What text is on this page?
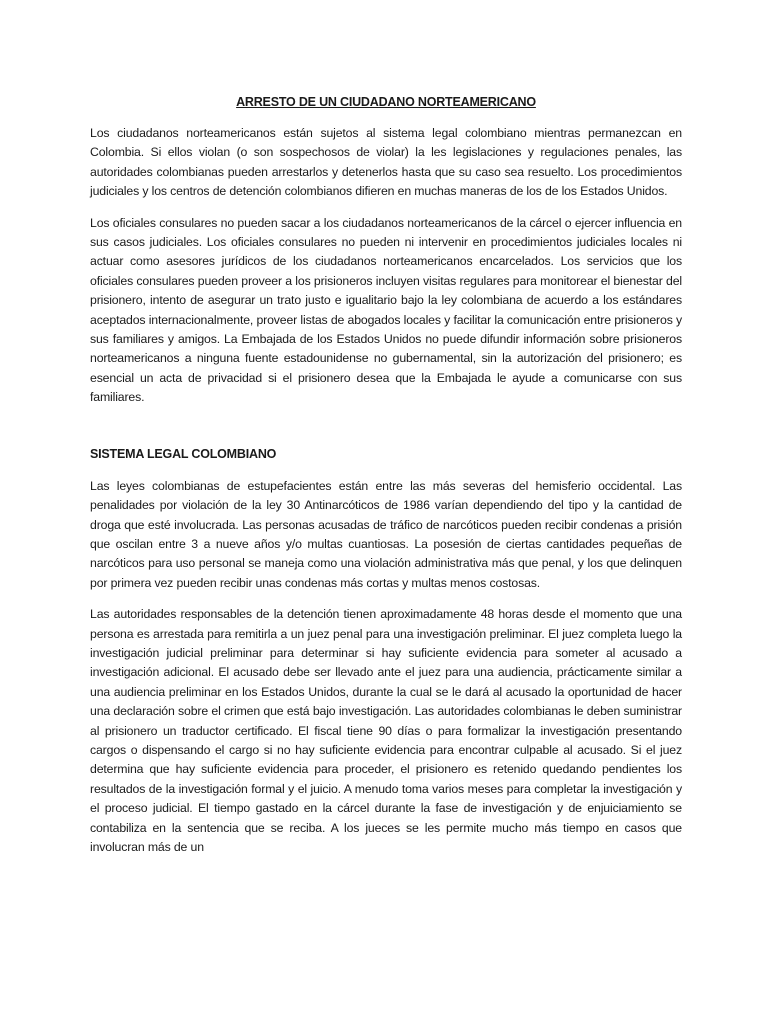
ARRESTO DE UN CIUDADANO NORTEAMERICANO

Los ciudadanos norteamericanos están sujetos al sistema legal colombiano mientras permanezcan en Colombia. Si ellos violan (o son sospechosos de violar) la les legislaciones y regulaciones penales, las autoridades colombianas pueden arrestarlos y detenerlos hasta que su caso sea resuelto. Los procedimientos judiciales y los centros de detención colombianos difieren en muchas maneras de los de los Estados Unidos.

Los oficiales consulares no pueden sacar a los ciudadanos norteamericanos de la cárcel o ejercer influencia en sus casos judiciales. Los oficiales consulares no pueden ni intervenir en procedimientos judiciales locales ni actuar como asesores jurídicos de los ciudadanos norteamericanos encarcelados. Los servicios que los oficiales consulares pueden proveer a los prisioneros incluyen visitas regulares para monitorear el bienestar del prisionero, intento de asegurar un trato justo e igualitario bajo la ley colombiana de acuerdo a los estándares aceptados internacionalmente, proveer listas de abogados locales y facilitar la comunicación entre prisioneros y sus familiares y amigos. La Embajada de los Estados Unidos no puede difundir información sobre prisioneros norteamericanos a ninguna fuente estadounidense no gubernamental, sin la autorización del prisionero; es esencial un acta de privacidad si el prisionero desea que la Embajada le ayude a comunicarse con sus familiares.

SISTEMA LEGAL COLOMBIANO

Las leyes colombianas de estupefacientes están entre las más severas del hemisferio occidental. Las penalidades por violación de la ley 30 Antinarcóticos de 1986 varían dependiendo del tipo y la cantidad de droga que esté involucrada. Las personas acusadas de tráfico de narcóticos pueden recibir condenas a prisión que oscilan entre 3 a nueve años y/o multas cuantiosas. La posesión de ciertas cantidades pequeñas de narcóticos para uso personal se maneja como una violación administrativa más que penal, y los que delinquen por primera vez pueden recibir unas condenas más cortas y multas menos costosas.

Las autoridades responsables de la detención tienen aproximadamente 48 horas desde el momento que una persona es arrestada para remitirla a un juez penal para una investigación preliminar. El juez completa luego la investigación judicial preliminar para determinar si hay suficiente evidencia para someter al acusado a investigación adicional. El acusado debe ser llevado ante el juez para una audiencia, prácticamente similar a una audiencia preliminar en los Estados Unidos, durante la cual se le dará al acusado la oportunidad de hacer una declaración sobre el crimen que está bajo investigación. Las autoridades colombianas le deben suministrar al prisionero un traductor certificado. El fiscal tiene 90 días o para formalizar la investigación presentando cargos o dispensando el cargo si no hay suficiente evidencia para encontrar culpable al acusado. Si el juez determina que hay suficiente evidencia para proceder, el prisionero es retenido quedando pendientes los resultados de la investigación formal y el juicio. A menudo toma varios meses para completar la investigación y el proceso judicial. El tiempo gastado en la cárcel durante la fase de investigación y de enjuiciamiento se contabiliza en la sentencia que se reciba. A los jueces se les permite mucho más tiempo en casos que involucran más de un
